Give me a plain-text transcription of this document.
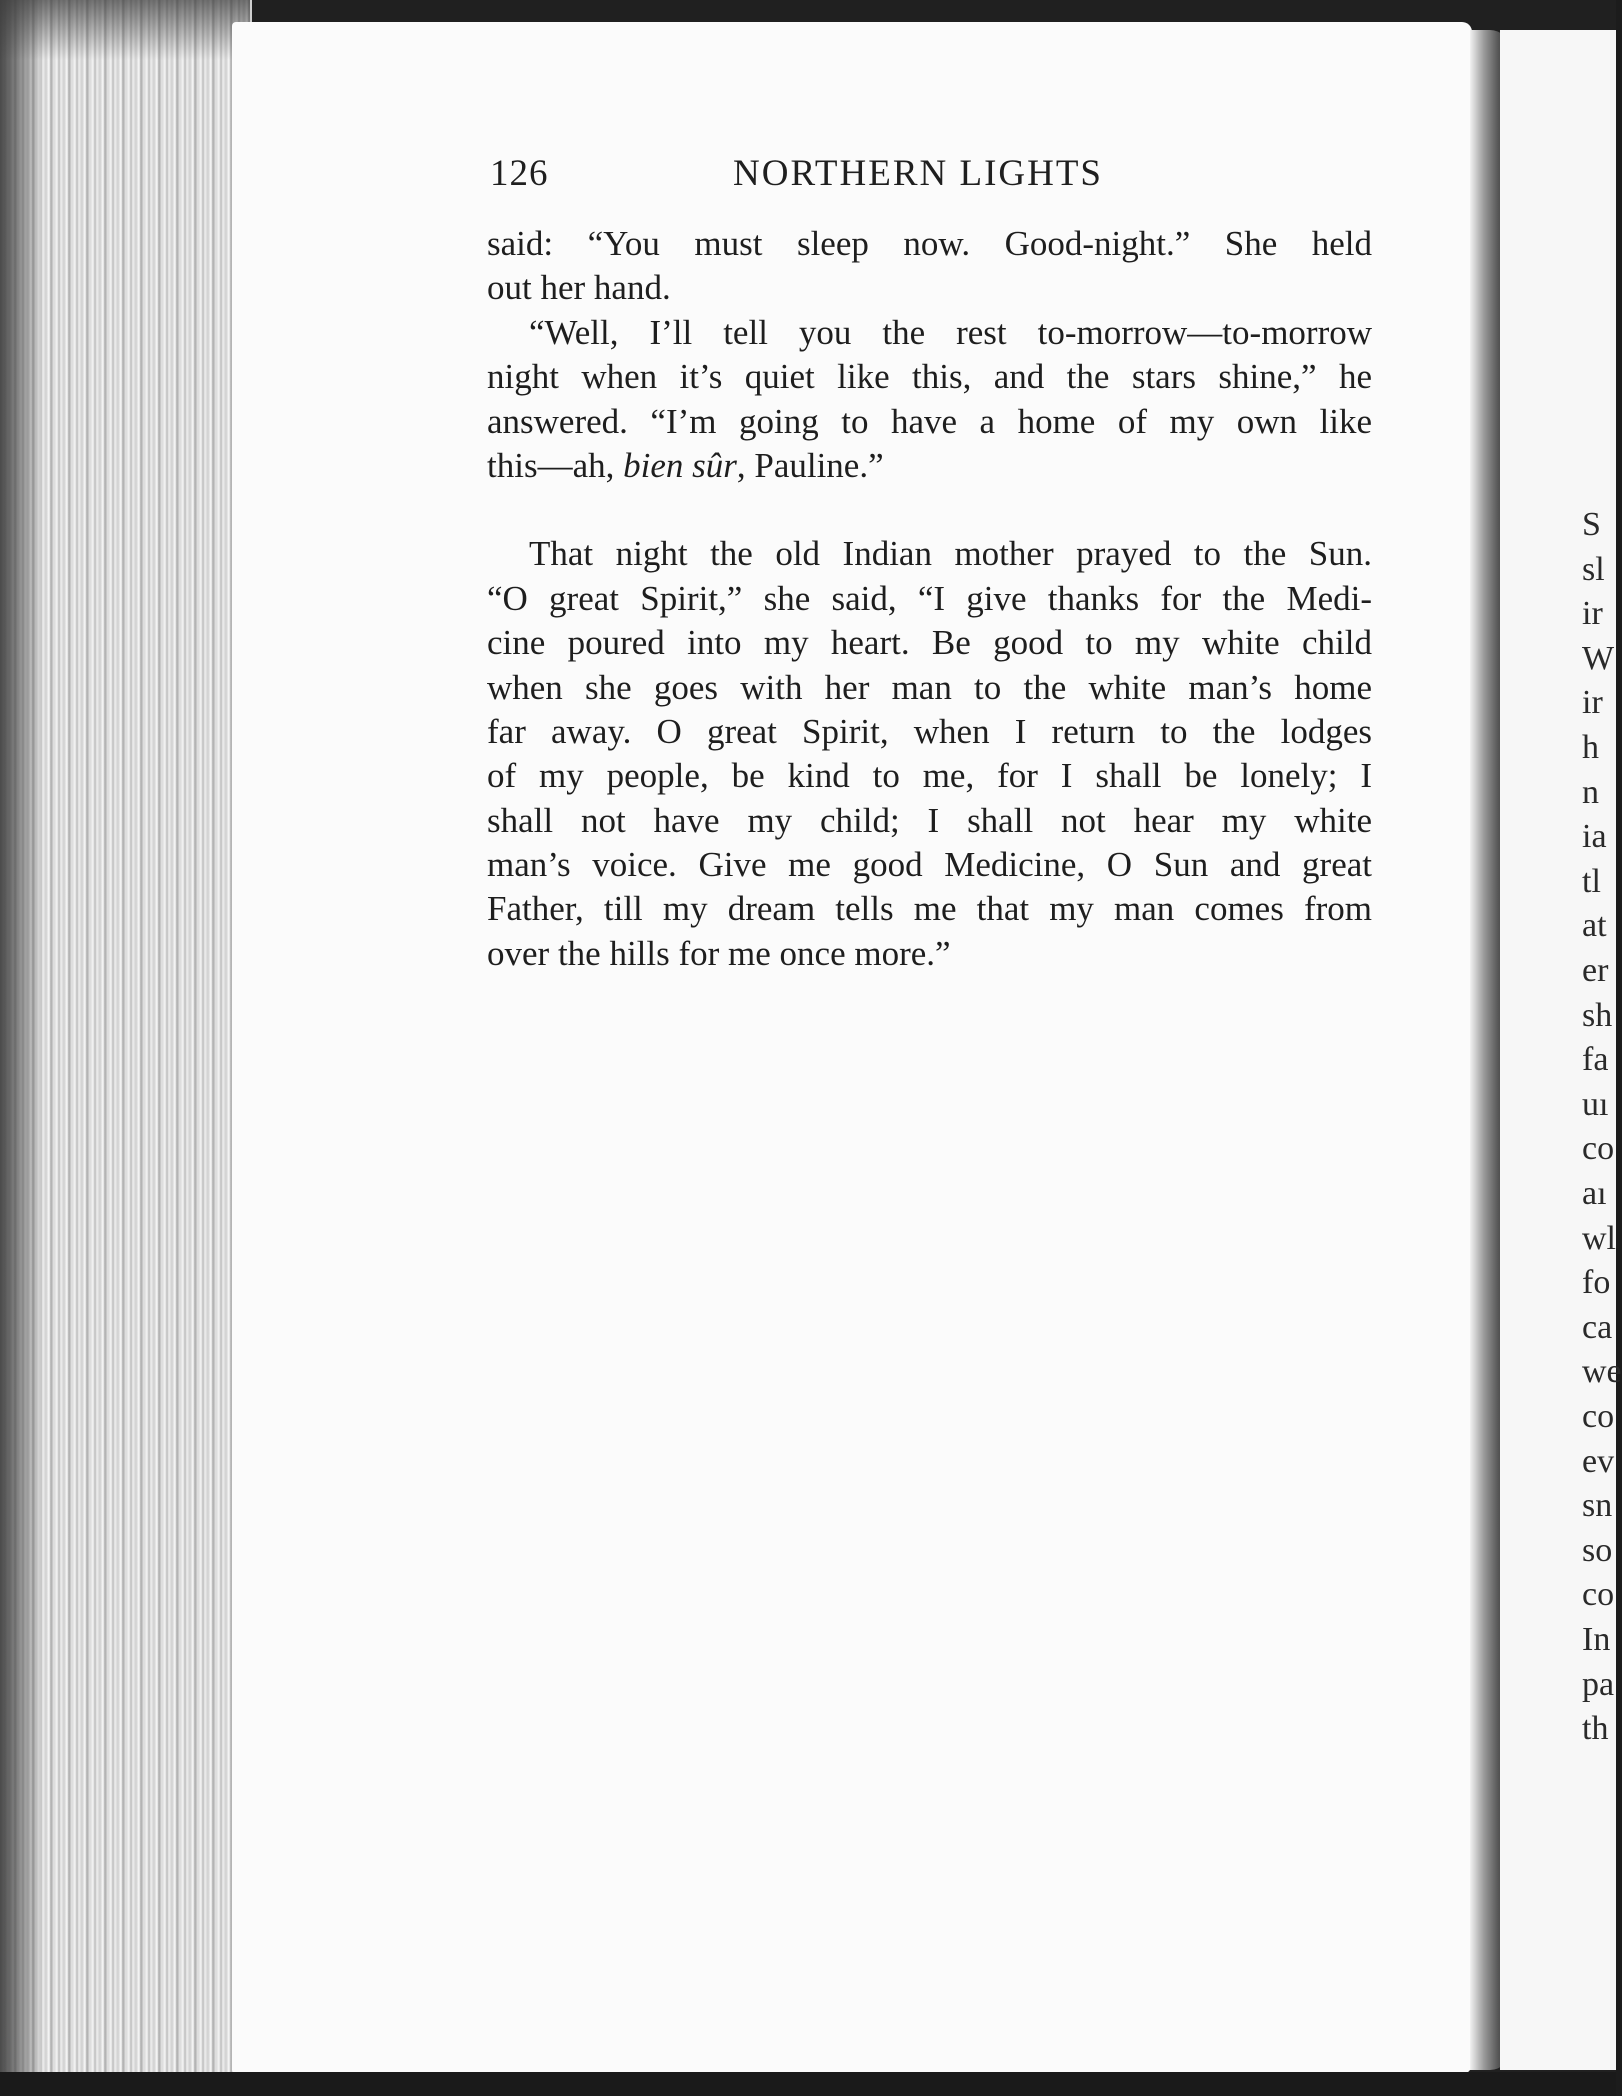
126	NORTHERN LIGHTS
said: “You must sleep now. Good-night.” She held
out her hand.
“Well, I’ll tell you the rest to-morrow—to-morrow
night when it’s quiet like this, and the stars shine,” he
answered. “I’m going to have a home of my own like
this—ah, bien sûr, Pauline.”
That night the old Indian mother prayed to the Sun.
“O great Spirit,” she said, “I give thanks for the Medi-
cine poured into my heart. Be good to my white child
when she goes with her man to the white man’s home
far away. O great Spirit, when I return to the lodges
of my people, be kind to me, for I shall be lonely; I
shall not have my child; I shall not hear my white
man’s voice. Give me good Medicine, O Sun and great
Father, till my dream tells me that my man comes from
over the hills for me once more.”
S
sl
ir
W
ir
h
n
ia
tl
at
er
sh
fa
uı
co
aı
wl
fo
ca
we
co
ev
sn
so
co
In
pa
th
